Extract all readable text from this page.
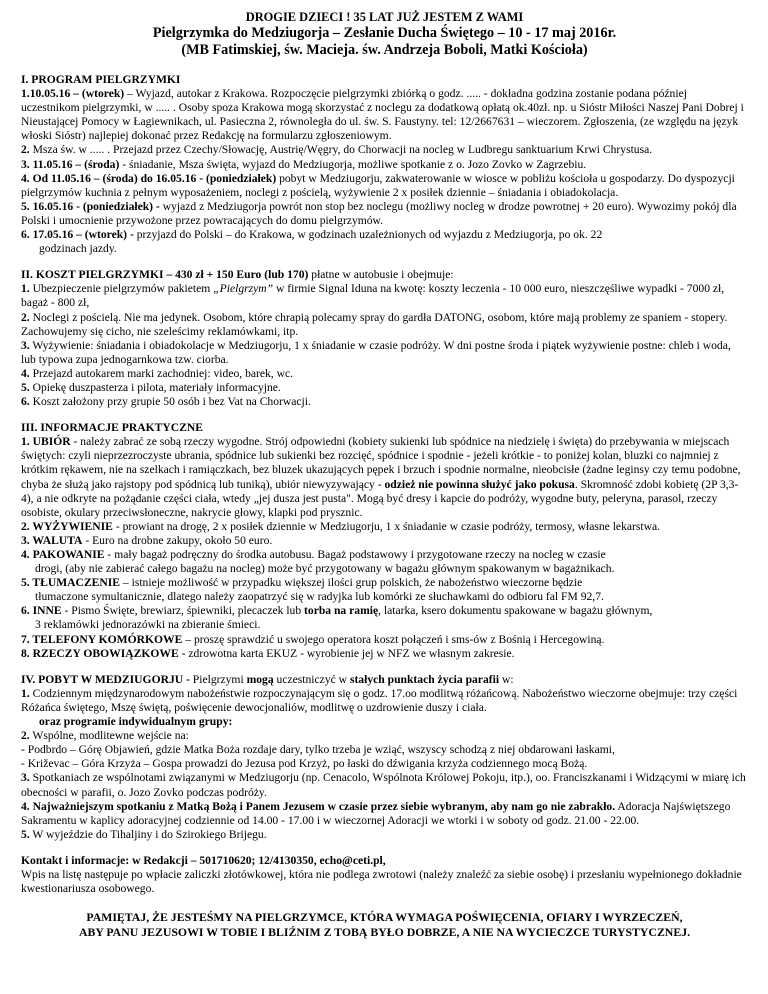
DROGIE DZIECI ! 35 LAT JUŻ JESTEM Z WAMI
Pielgrzymka do Medziugorja – Zesłanie Ducha Świętego – 10 - 17 maj 2016r.
(MB Fatimskiej, św. Macieja. św. Andrzeja Boboli, Matki Kościoła)
I. PROGRAM PIELGRZYMKI

1.10.05.16 – (wtorek) – Wyjazd, autokar z Krakowa. Rozpoczęcie pielgrzymki zbiórką o godz. ..... - dokładna godzina zostanie podana później uczestnikom pielgrzymki, w ..... . Osoby spoza Krakowa mogą skorzystać z noclegu za dodatkową opłatą ok.40zł. np. u Sióstr Miłości Naszej Pani Dobrej i Nieustającej Pomocy w Łagiewnikach, ul. Pasieczna 2, równoległa do ul. św. S. Faustyny. tel: 12/2667631 – wieczorem. Zgłoszenia, (ze względu na język włoski Sióstr) najlepiej dokonać przez Redakcję na formularzu zgłoszeniowym.

2. Msza św. w ..... . Przejazd przez Czechy/Słowację, Austrię/Węgry, do Chorwacji na nocleg w Ludbregu sanktuarium Krwi Chrystusa.

3. 11.05.16 – (środa) - śniadanie, Msza święta, wyjazd do Medziugorja, możliwe spotkanie z o. Jozo Zovko w Zagrzebiu.

4. Od 11.05.16 – (środa) do 16.05.16 - (poniedziałek) pobyt w Medziugorju, zakwaterowanie w wiosce w pobliżu kościoła u gospodarzy. Do dyspozycji pielgrzymów kuchnia z pełnym wyposażeniem, noclegi z pościelą, wyżywienie 2 x posiłek dziennie – śniadania i obiadokolacja.

5. 16.05.16 - (poniedziałek) - wyjazd z Medziugorja powrót non stop bez noclegu (możliwy nocleg w drodze powrotnej + 20 euro). Wywozimy pokój dla Polski i umocnienie przywożone przez powracających do domu pielgrzymów.

6. 17.05.16 – (wtorek) - przyjazd do Polski – do Krakowa, w godzinach uzależnionych od wyjazdu z Medziugorja, po ok. 22

godzinach jazdy.

II. KOSZT PIELGRZYMKI – 430 zł + 150 Euro (lub 170) płatne w autobusie i obejmuje:

1. Ubezpieczenie pielgrzymów pakietem „Pielgrzym” w firmie Signal Iduna na kwotę: koszty leczenia - 10 000 euro, nieszczęśliwe wypadki - 7000 zł, bagaż - 800 zł,

2. Noclegi z pościelą. Nie ma jedynek. Osobom, które chrapią polecamy spray do gardła DATONG, osobom, które mają problemy ze spaniem - stopery. Zachowujemy się cicho, nie szeleścimy reklamówkami, itp.

3. Wyżywienie: śniadania i obiadokolacje w Medziugorju, 1 x śniadanie w czasie podróży. W dni postne środa i piątek wyżywienie postne: chleb i woda, lub typowa zupa jednogarnkowa tzw. ciorba.

4. Przejazd autokarem marki zachodniej: video, barek, wc.

5. Opiekę duszpasterza i pilota, materiały informacyjne.

6. Koszt założony przy grupie 50 osób i bez Vat na Chorwacji.

III. INFORMACJE PRAKTYCZNE

1. UBIÓR - należy zabrać ze sobą rzeczy wygodne. Strój odpowiedni (kobiety sukienki lub spódnice na niedzielę i święta) do przebywania w miejscach świętych: czyli nieprzezroczyste ubrania, spódnice lub sukienki bez rozcięć, spódnice i spodnie - jeżeli krótkie - to poniżej kolan, bluzki co najmniej z krótkim rękawem, nie na szelkach i ramiączkach, bez bluzek ukazujących pępek i brzuch i spodnie normalne, nieobcisłe (żadne leginsy czy temu podobne, chyba że służą jako rajstopy pod spódnicą lub tuniką), ubiór niewyzywający - odzież nie powinna służyć jako pokusa. Skromność zdobi kobietę (2P 3,3-4), a nie odkryte na pożądanie części ciała, wtedy „jej dusza jest pusta". Mogą być dresy i kapcie do podróży, wygodne buty, peleryna, parasol, rzeczy osobiste, okulary przeciwsłoneczne, nakrycie głowy, klapki pod prysznic.

2. WYŻYWIENIE - prowiant na drogę, 2 x posiłek dziennie w Medziugorju, 1 x śniadanie w czasie podróży, termosy, własne lekarstwa.

3. WALUTA - Euro na drobne zakupy, około 50 euro.

4. PAKOWANIE - mały bagaż podręczny do środka autobusu. Bagaż podstawowy i przygotowane rzeczy na nocleg w czasie

drogi, (aby nie zabierać całego bagażu na nocleg) może być przygotowany w bagażu głównym spakowanym w bagażnikach.

5. TŁUMACZENIE – istnieje możliwość w przypadku większej ilości grup polskich, że nabożeństwo wieczorne będzie

tłumaczone symultanicznie, dlatego należy zaopatrzyć się w radyjka lub komórki ze słuchawkami do odbioru fal FM 92,7.

6. INNE - Pismo Święte, brewiarz, śpiewniki, plecaczek lub torba na ramię, latarka, ksero dokumentu spakowane w bagażu głównym,

3 reklamówki jednorazówki na zbieranie śmieci.

7. TELEFONY KOMÓRKOWE – proszę sprawdzić u swojego operatora koszt połączeń i sms-ów z Bośnią i Hercegowiną.

8. RZECZY OBOWIĄZKOWE - zdrowotna karta EKUZ - wyrobienie jej w NFZ we własnym zakresie.

IV. POBYT W MEDZIUGORJU - Pielgrzymi mogą uczestniczyć w stałych punktach życia parafii w:

1. Codziennym międzynarodowym nabożeństwie rozpoczynającym się o godz. 17.oo modlitwą różańcową. Nabożeństwo wieczorne obejmuje: trzy części Różańca świętego, Mszę świętą, poświęcenie dewocjonaliów, modlitwę o uzdrowienie duszy i ciała.

oraz programie indywidualnym grupy:

2. Wspólne, modlitewne wejście na:

- Podbrdo – Górę Objawień, gdzie Matka Boża rozdaje dary, tylko trzeba je wziąć, wszyscy schodzą z niej obdarowani łaskami,

- Križevac – Góra Krzyża – Gospa prowadzi do Jezusa pod Krzyż, po łaski do dźwigania krzyża codziennego mocą Bożą.

3. Spotkaniach ze wspólnotami związanymi w Medziugorju (np. Cenacolo, Wspólnota Królowej Pokoju, itp.), oo. Franciszkanami i Widzącymi w miarę ich obecności w parafii, o. Jozo Zovko podczas podróży.

4. Najważniejszym spotkaniu z Matką Bożą i Panem Jezusem w czasie przez siebie wybranym, aby nam go nie zabrakło. Adoracja Najświętszego Sakramentu w kaplicy adoracyjnej codziennie od 14.00 - 17.00 i w wieczornej Adoracji we wtorki i w soboty od godz. 21.00 - 22.00.

5. W wyjeździe do Tihaljiny i do Szirokiego Brijegu.

Kontakt i informacje: w Redakcji – 501710620; 12/4130350, echo@ceti.pl,

Wpis na listę następuje po wpłacie zaliczki złotówkowej, która nie podlega zwrotowi (należy znaleźć za siebie osobę) i przesłaniu wypełnionego dokładnie kwestionariusza osobowego.

PAMIĘTAJ, ŻE JESTEŚMY NA PIELGRZYMCE, KTÓRA WYMAGA POŚWIĘCENIA, OFIARY I WYRZECZEŃ,
ABY PANU JEZUSOWI W TOBIE I BLIŹNIM Z TOBĄ BYŁO DOBRZE, A NIE NA WYCIECZCE TURYSTYCZNEJ.
